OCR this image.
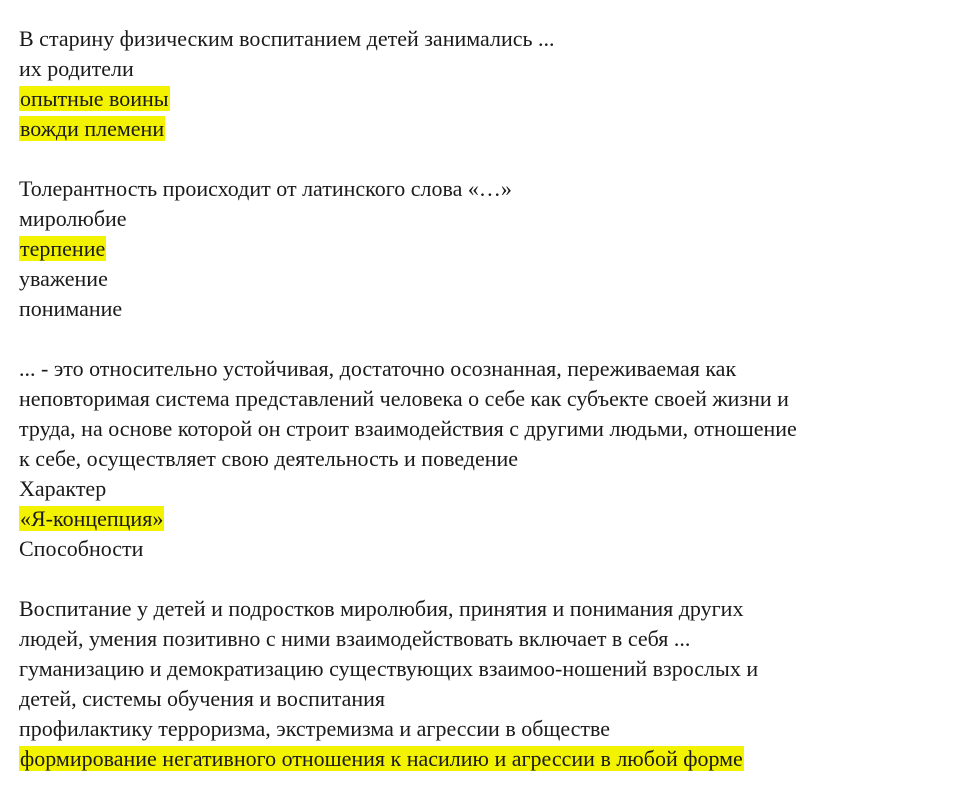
В старину физическим воспитанием детей занимались ...
их родители
опытные воины
вожди племени
Толерантность происходит от латинского слова «…»
миролюбие
терпение
уважение
понимание
... - это относительно устойчивая, достаточно осознанная, переживаемая как
неповторимая система представлений человека о себе как субъекте своей жизни и
труда, на основе которой он строит взаимодействия с другими людьми, отношение
к себе, осуществляет свою деятельность и поведение
Характер
«Я-концепция»
Способности
Воспитание у детей и подростков миролюбия, принятия и понимания других
людей, умения позитивно с ними взаимодействовать включает в себя ...
гуманизацию и демократизацию существующих взаимоо-ношений взрослых и
детей, системы обучения и воспитания
профилактику терроризма, экстремизма и агрессии в обществе
формирование негативного отношения к насилию и агрессии в любой форме
